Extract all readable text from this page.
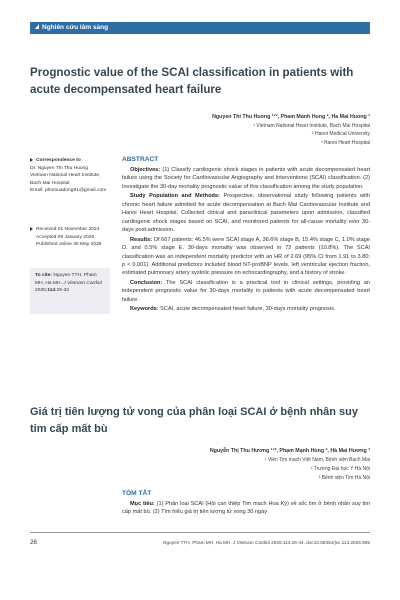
Nghiên cứu lâm sàng
Prognostic value of the SCAI classification in patients with acute decompensated heart failure
Nguyen Thi Thu Huong ¹ᐟ², Pham Manh Hung ², Ha Mai Huong ³
¹ Vietnam National Heart Institute, Bach Mai Hospital
² Hanoi Medical University
³ Hanoi Heart Hospital
Correspondence to
Dr. Nguyen Thi Thu Huong
Vietnam National Heart Institute,
Bach Mai Hospital
Email: phomuadong91@gmail.com
Received 01 November 2024
Accepted 09 January 2025
Published online 30 May 2025
To cite: Nguyen TTH, Pham MH, Ha MH. J Vietnam Cardiol 2025;114:26-34
ABSTRACT

Objectives: (1) Classify cardiogenic shock stages in patients with acute decompensated heart failure using the Society for Cardiovascular Angiography and Interventions (SCAI) classification. (2) Investigate the 30-day mortality prognostic value of this classification among the study population.

Study Population and Methods: Prospective, observational study following patients with chronic heart failure admitted for acute decompensation at Bach Mai Cardiovascular Institute and Hanoi Heart Hospital. Collected clinical and paraclinical parameters upon admission, classified cardiogenic shock stages based on SCAI, and monitored patients for all-cause mortality over 30-days post-admission.

Results: Of 667 patients: 46.5% were SCAI stage A, 36.6% stage B, 15.4% stage C, 1.0% stage D, and 0.5% stage E. 30-days mortality was observed in 72 patients (10.8%). The SCAI classification was an independent mortality predictor with an HR of 2.69 (95% CI from 1.91 to 3.80; p < 0.001). Additional predictors included blood NT-proBNP levels, left ventricular ejection fraction, estimated pulmonary artery systolic pressure on echocardiography, and a history of stroke.

Conclusion: The SCAI classification is a practical tool in clinical settings, providing an independent prognostic value for 30-days mortality in patients with acute decompensated heart failure.

Keywords: SCAI, acute decompensated heart failure, 30-days mortality prognosis.

Giá trị tiên lượng tử vong của phân loại SCAI ở bệnh nhân suy tim cấp mất bù
Nguyễn Thị Thu Hương ¹ᐟ², Phạm Mạnh Hùng ², Hà Mai Hương ³
¹ Viện Tim mạch Việt Nam, Bệnh viện Bạch Mai
² Trường Đại học Y Hà Nội
³ Bệnh viện Tim Hà Nội
TÓM TẮT

Mục tiêu: (1) Phân loại SCAI (Hội can thiệp Tim mạch Hoa Kỳ) về sốc tim ở bệnh nhân suy tim cấp mất bù. (2) Tìm hiểu giá trị tiên lượng tử vong 30 ngày

26	Nguyen TTH, Pham MH, Ha MH. J Vietnam Cardiol 2025;114:26-34. doi:10.58354/jvc.114.2025.905
